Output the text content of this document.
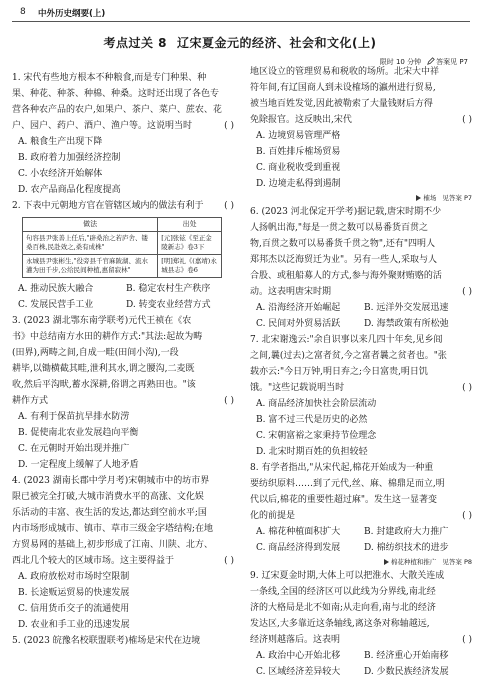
8 中外历史纲要(上)
考点过关 8 辽宋夏金元的经济、社会和文化(上)
限时 10 分钟 答案见 P7
1. 宋代有些地方根本不种粮食,而是专门种果、种
果、种花、种茶、种棉、种桑。这时还出现了各色专
营各种农产品的农户,如果户、茶户、菜户、蔗农、花
户、园户、药户、酒户、渔户等。这说明当时	( )
A. 粮食生产出现下降
B. 政府着力加强经济控制
C. 小农经济开始解体
D. 农产品商品化程度提高
2. 下表中元朝地方官在管辖区域内的做法有利于 ( )
做法	出处
句容县尹张善上任后,"辟桑治之若庐舍、镂桑百株,民赴效之,桑有成株"	[元]张铉《至正金陵新志》卷3下
永城县尹张彬生,"役旁县千官麻陂湖、流水灌为田千步,公给民间种植,惠留寂林"	[明]郑礼《(嘉靖)永城县志》卷6
A. 推动民族大融合	B. 稳定农村生产秩序
C. 发展民营手工业	D. 转变农业经营方式
3. (2023 湖北鄂东南学联考)元代王祯在《农
书》中总结南方水田的耕作方式:"其法:起故为畴
(田界),两畴之间,自成一畦(田间小沟),一段
耕毕,以锄横截其畦,泄利其水,谓之腰沟,二麦既
收,然后平沟畎,蓄水深耕,俗谓之再熟田也。"该
耕作方式	( )
A. 有利于保苗抗旱排水防涝
B. 促使南北农业发展趋向平衡
C. 在元朝时开始出现并推广
D. 一定程度上缓解了人地矛盾
4. (2023 湖南长郡中学月考)宋朝城市中的坊市界
限已被完全打破,大城市消费水平的高涨、文化娱
乐活动的丰富、夜生活的发达,都达到空前水平;国
内市场形成城市、镇市、草市三级金字塔结构;在地
方贸易网的基础上,初步形成了江南、川陕、北方、
西北几个较大的区域市场。这主要得益于	( )
A. 政府放松对市场时空限制
B. 长途贩运贸易的快速发展
C. 信用货币交子的流通使用
D. 农业和手工业的迅速发展
5. (2023 皖豫名校联盟联考)榷场是宋代在边境
地区设立的管理贸易和税收的场所。北宋大中祥
符年间,有辽国商人到未设榷场的瀛州进行贸易,
被当地百姓发觉,因此被勒索了大量钱财后方得
免除报官。这反映出,宋代	( )
A. 边境贸易管理严格
B. 百姓排斥榷场贸易
C. 商业税收受到重视
D. 边境走私得到遏制
榷场 见答案 P7
6. (2023 河北保定开学考)据记载,唐宋时期不少
人扬帆出海,"每是一贯之数可以易番货百贯之
物,百贯之数可以易番货千贯之物",还有"四明人
郑邦杰以泛海贸迁为业"。另有一些人,采取与人
合股、或租船募人的方式,参与海外聚财贿赂的活
动。这表明唐宋时期	( )
A. 沿海经济开始崛起	B. 远洋外交发展迅速
C. 民间对外贸易活跃	D. 海禁政策有所松弛
7. 北宋谢逸云:"余自识事以来几四十年矣,见乡闾
之间,曩(过去)之富者贫,今之富者曩之贫者也。"张
载亦云:"今日万钟,明日弃之;今日富贵,明日饥
饿。"这些记载说明当时	( )
A. 商品经济加快社会阶层流动
B. 富不过三代是历史的必然
C. 宋朝富裕之家秉持节俭理念
D. 北宋时期百姓的负担较轻
8. 有学者指出,"从宋代起,棉花开始成为一种重
要纺织原料……到了元代,丝、麻、棉鼎足而立,明
代以后,棉花的重要性超过麻"。发生这一显著变
化的前提是	( )
A. 棉花种植面积扩大	B. 封建政府大力推广
C. 商品经济得到发展	D. 棉纺织技术的进步
棉花种植和推广 见答案 P8
9. 辽宋夏金时期,大体上可以把淮水、大散关连成
一条线,全国的经济区可以此线为分界线,南北经
济的大格局是北不如南;从走向看,南与北的经济
发达区,大多靠近这条轴线,离这条对称轴越远,
经济则越落后。这表明	( )
A. 政治中心开始北移	B. 经济重心开始南移
C. 区域经济差异较大	D. 少数民族经济发展
